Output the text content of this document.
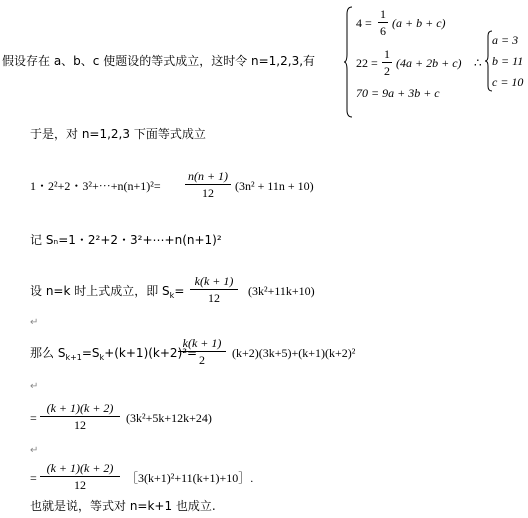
假设存在 a、b、c 使题设的等式成立，这时令 n=1,2,3,有
$4 = \frac{1}{6} (a + b + c)$
$22 = \frac{1}{2} (4a + 2b + c)$
70 = 9a + 3b + c
∴
a = 3
b = 11
c = 10
于是，对 n=1,2,3 下面等式成立
1・2²+2・3²+⋯+n(n+1)²= $\frac{n(n + 1)}{12} (3n^2 + 11n + 10)$
记 Sₙ=1・2²+2・3²+⋯+n(n+1)²
设 n=k 时上式成立，即 $S_k= \frac{k(k + 1)}{12} (3k^2+11k+10)$
↵
那么 $S_{k+1}=S_k+(k+1)(k+2)^2=$
$\frac{k(k + 1)}{2} (k+2)(3k+5)+(k+1)(k+2)^2$
↵
= $\frac{(k + 1)(k + 2)}{12} (3k^2+5k+12k+24)$
↵
= $\frac{(k + 1)(k + 2)}{12}$ ［3(k+1)²+11(k+1)+10］.
也就是说，等式对 n=k+1 也成立.
